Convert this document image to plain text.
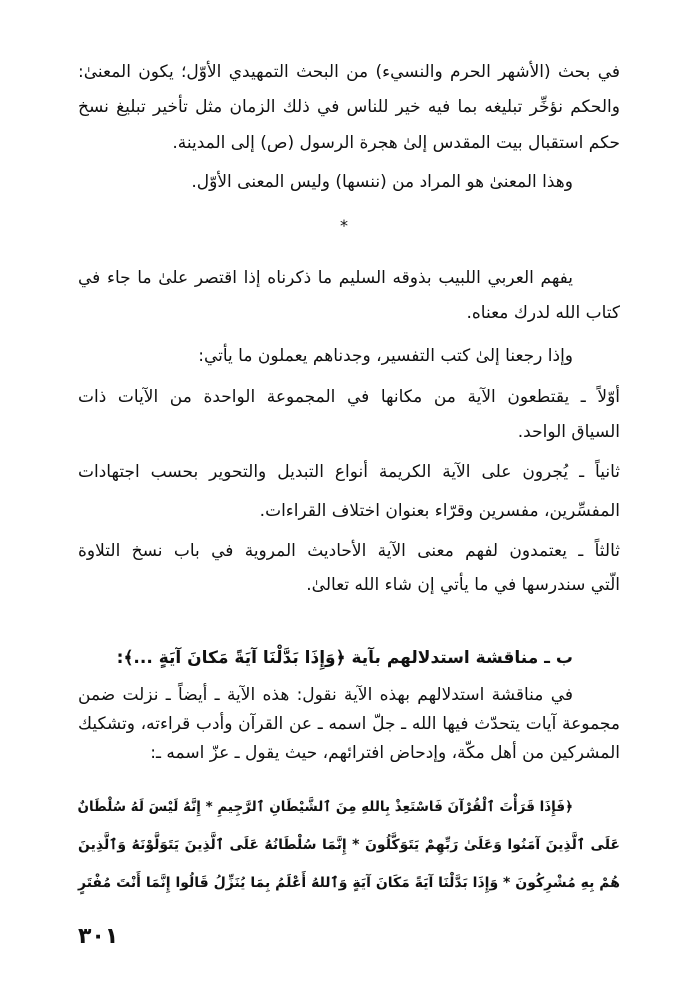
في بحث (الأشهر الحرم والنسيء) من البحث التمهيدي الأوّل؛ يكون المعنىٰ:
والحكم نؤخِّر تبليغه بما فيه خير للناس في ذلك الزمان مثل تأخير تبليغ نسخ
حكم استقبال بيت المقدس إلىٰ هجرة الرسول (ص) إلى المدينة.
وهذا المعنىٰ هو المراد من (ننسها) وليس المعنى الأوّل.
*
يفهم العربي اللبيب بذوقه السليم ما ذكرناه إذا اقتصر علىٰ ما جاء في
كتاب الله لدرك معناه.
وإذا رجعنا إلىٰ كتب التفسير، وجدناهم يعملون ما يأتي:
أوّلاً ـ يقتطعون الآية من مكانها في المجموعة الواحدة من الآيات ذات
السياق الواحد.
ثانياً ـ يُجرون على الآية الكريمة أنواع التبديل والتحوير بحسب اجتهادات
المفسِّرين، مفسرين وقرّاء بعنوان اختلاف القراءات.
ثالثاً ـ يعتمدون لفهم معنى الآية الأحاديث المروية في باب نسخ التلاوة
الّتي سندرسها في ما يأتي إن شاء الله تعالىٰ.
ب ـ مناقشة استدلالهم بآية ﴿وَإِذَا بَدَّلْنَا آيَةً مَكانَ آيَةٍ ...﴾:
في مناقشة استدلالهم بهذه الآية نقول: هذه الآية ـ أيضاً ـ نزلت ضمن
مجموعة آيات يتحدّث فيها الله ـ جلّ اسمه ـ عن القرآن وأدب قراءته، وتشكيك
المشركين من أهل مكّة، وإدحاض افترائهم، حيث يقول ـ عزّ اسمه ـ:
﴿فَإِذَا قَرَأْتَ ٱلْقُرْآنَ فَاسْتَعِذْ بِاللهِ مِنَ ٱلشَّيْطَانِ ٱلرَّجِيمِ * إِنَّهُ لَيْسَ لَهُ سُلْطَانٌ
عَلَى ٱلَّذِينَ آمَنُوا وَعَلَىٰ رَبِّهِمْ يَتَوَكَّلُونَ * إِنَّمَا سُلْطَانُهُ عَلَى ٱلَّذِينَ يَتَوَلَّوْنَهُ وَٱلَّذِينَ
هُمْ بِهِ مُشْرِكُونَ * وَإِذَا بَدَّلْنَا آيَةً مَكَانَ آيَةٍ وَٱللهُ أَعْلَمُ بِمَا يُنَزِّلُ قَالُوا إِنَّمَا أَنْتَ مُفْتَرٍ
٣٠١
